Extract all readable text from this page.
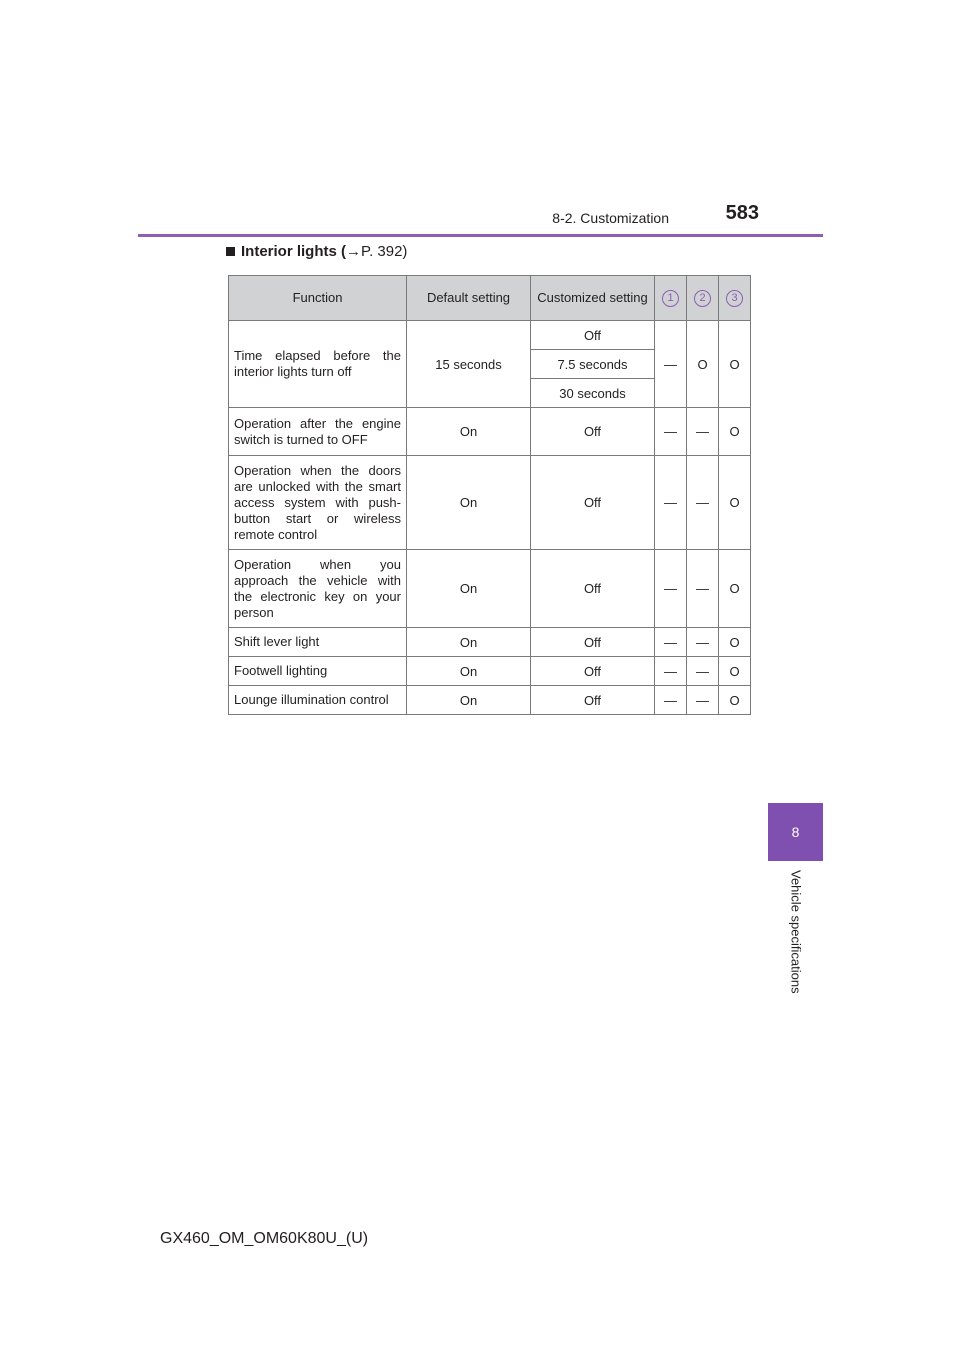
8-2. Customization	583
Interior lights (→P. 392)
Function	Default setting	Customized setting	1	2	3
Time elapsed before the interior lights turn off	15 seconds	Off	—	O	O
		7.5 seconds			
		30 seconds			
Operation after the engine switch is turned to OFF	On	Off	—	—	O
Operation when the doors are unlocked with the smart access system with push-button start or wireless remote control	On	Off	—	—	O
Operation when you approach the vehicle with the electronic key on your person	On	Off	—	—	O
Shift lever light	On	Off	—	—	O
Footwell lighting	On	Off	—	—	O
Lounge illumination control	On	Off	—	—	O
8
Vehicle specifications
GX460_OM_OM60K80U_(U)
